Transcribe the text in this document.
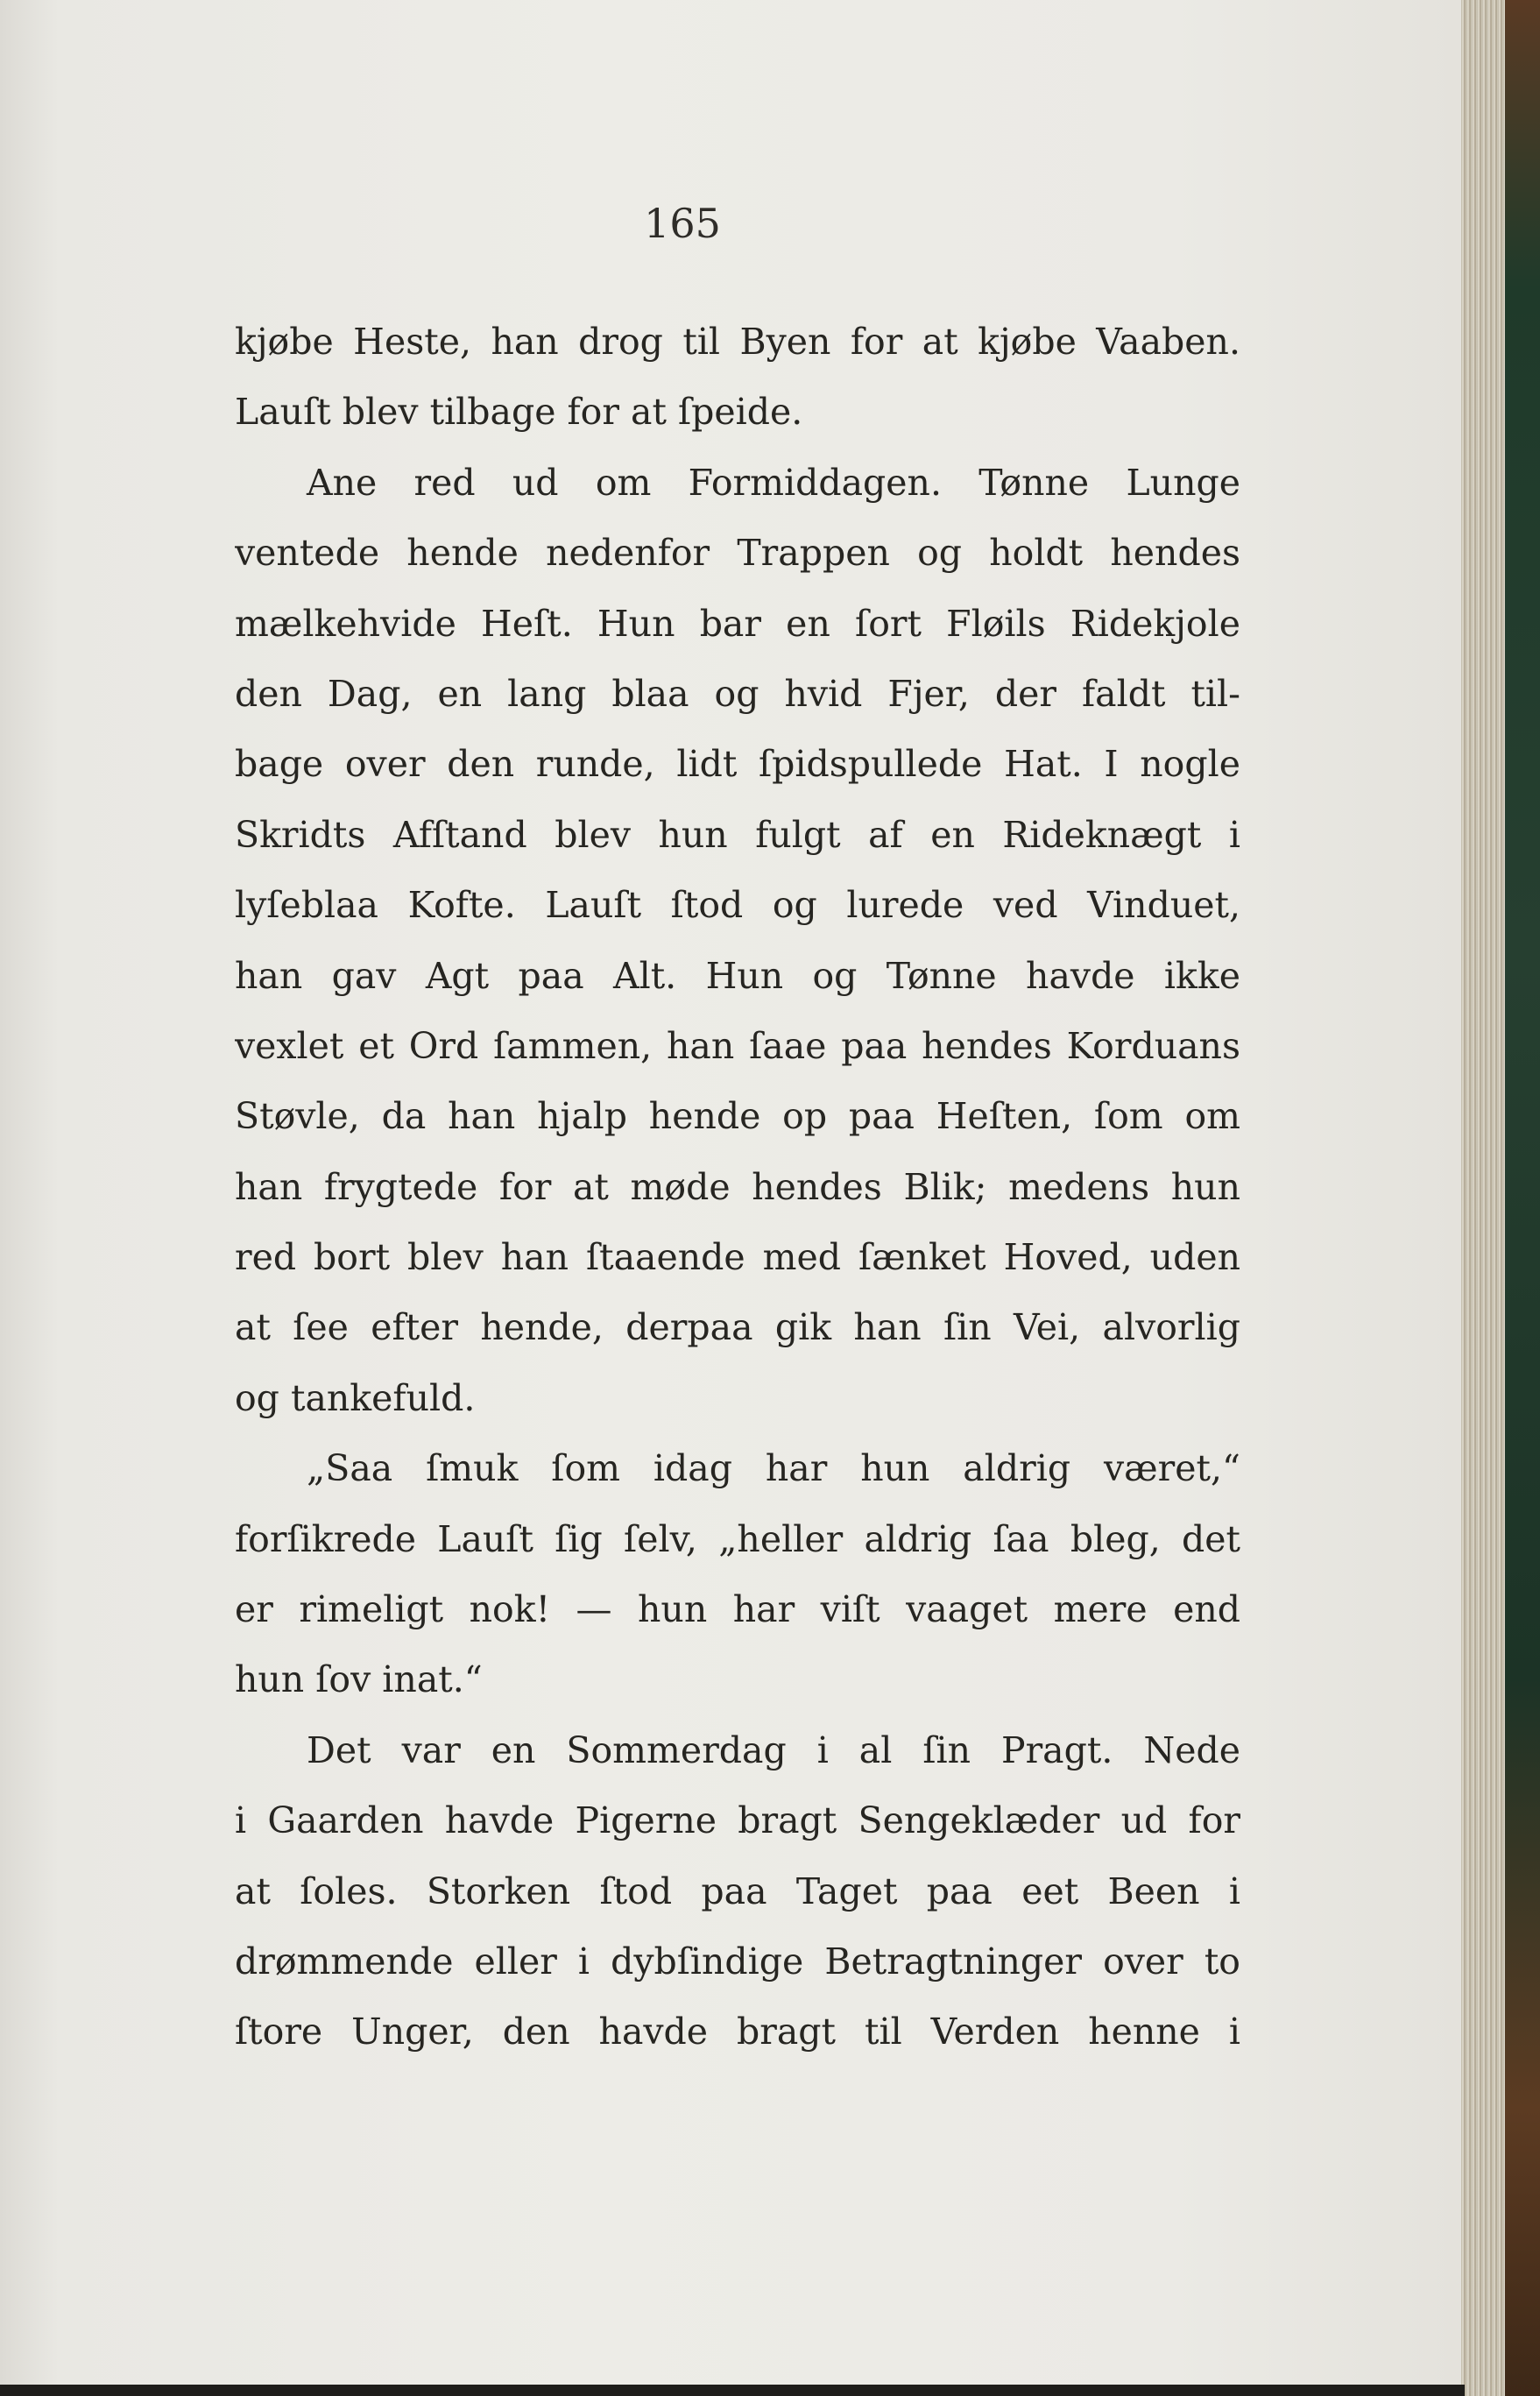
165

kjøbe Heste, han drog til Byen for at kjøbe Vaaben.
Lauſt blev tilbage for at ſpeide.
Ane red ud om Formiddagen. Tønne Lunge
ventede hende nedenfor Trappen og holdt hendes
mælkehvide Heſt. Hun bar en ſort Fløils Ridekjole
den Dag, en lang blaa og hvid Fjer, der faldt til-
bage over den runde, lidt ſpidspullede Hat. I nogle
Skridts Afſtand blev hun fulgt af en Rideknægt i
lyſeblaa Kofte. Lauſt ſtod og lurede ved Vinduet,
han gav Agt paa Alt. Hun og Tønne havde ikke
vexlet et Ord ſammen, han ſaae paa hendes Korduans
Støvle, da han hjalp hende op paa Heſten, ſom om
han frygtede for at møde hendes Blik; medens hun
red bort blev han ſtaaende med ſænket Hoved, uden
at ſee efter hende, derpaa gik han ſin Vei, alvorlig
og tankefuld.
„Saa ſmuk ſom idag har hun aldrig været,“
forſikrede Lauſt ſig ſelv, „heller aldrig ſaa bleg, det
er rimeligt nok! — hun har viſt vaaget mere end
hun ſov inat.“
Det var en Sommerdag i al ſin Pragt. Nede
i Gaarden havde Pigerne bragt Sengeklæder ud for
at ſoles. Storken ſtod paa Taget paa eet Been i
drømmende eller i dybſindige Betragtninger over to
ſtore Unger, den havde bragt til Verden henne i
